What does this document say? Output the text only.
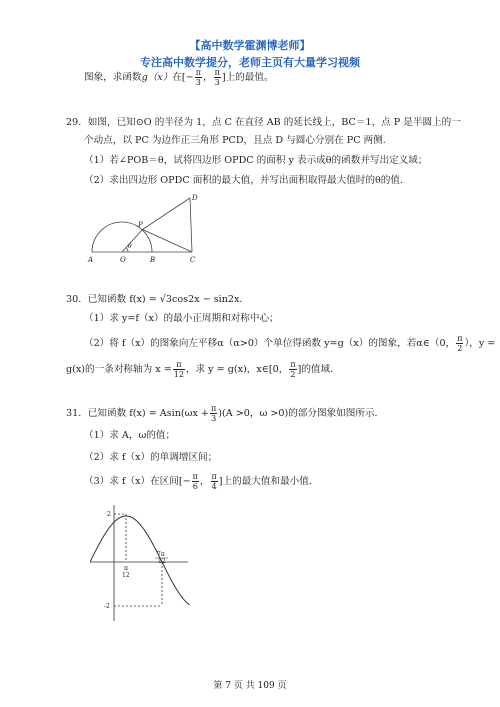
【高中数学霍渊博老师】
专注高中数学提分，老师主页有大量学习视频
图象，求函数g（x）在[− $\frac{\pi}{3}$ ， $\frac{\pi}{3}$ ]上的最值。
29．如图，已知⊙O 的半径为 1，点 C 在直径 AB 的延长线上，BC＝1，点 P 是半圆上的一
个动点，以 PC 为边作正三角形 PCD，且点 D 与圆心分别在 PC 两侧．
（1）若∠POB＝θ，试将四边形 OPDC 的面积 y 表示成θ的函数并写出定义域；
（2）求出四边形 OPDC 面积的最大值，并写出面积取得最大值时的θ的值．
A	O	B	C
P
D
θ
30．已知函数 f(x) = √3cos2x − sin2x．
（1）求 y=f（x）的最小正周期和对称中心；
（2）将 f（x）的图象向左平移α（α>0）个单位得函数 y=g（x）的图象，若α∈（0， $\frac{\pi}{2}$ ），y =
g(x)的一条对称轴为 $x = \frac{\pi}{12}$ ，求 y = g(x)，x∈[0， $\frac{\pi}{2}$ ]的值域．
31．已知函数 $f(x) = Asin(\omega x + \frac{\pi}{3} )(A >0$，ω >0)的部分图象如图所示．
（1）求 A，ω的值；
（2）求 f（x）的单调增区间；
（3）求 f（x）在区间[− $\frac{\pi}{6}$ ， $\frac{\pi}{4}$ ]上的最大值和最小值．
2
-2
π
12
7π
12
第 7 页 共 109 页
